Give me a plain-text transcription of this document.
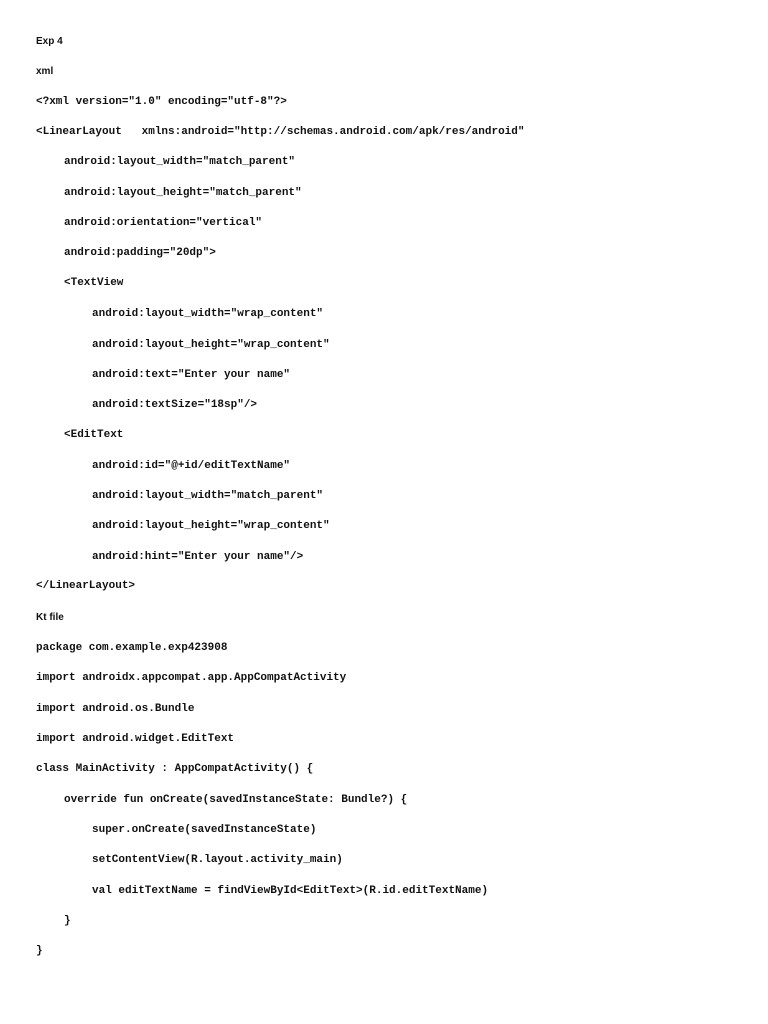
Exp 4
xml
<?xml version="1.0" encoding="utf-8"?>
<LinearLayout   xmlns:android="http://schemas.android.com/apk/res/android"
android:layout_width="match_parent"
android:layout_height="match_parent"
android:orientation="vertical"
android:padding="20dp">
<TextView
android:layout_width="wrap_content"
android:layout_height="wrap_content"
android:text="Enter your name"
android:textSize="18sp"/>
<EditText
android:id="@+id/editTextName"
android:layout_width="match_parent"
android:layout_height="wrap_content"
android:hint="Enter your name"/>
</LinearLayout>
Kt file
package com.example.exp423908
import androidx.appcompat.app.AppCompatActivity
import android.os.Bundle
import android.widget.EditText
class MainActivity : AppCompatActivity() {
override fun onCreate(savedInstanceState: Bundle?) {
super.onCreate(savedInstanceState)
setContentView(R.layout.activity_main)
val editTextName = findViewById<EditText>(R.id.editTextName)
}
}
